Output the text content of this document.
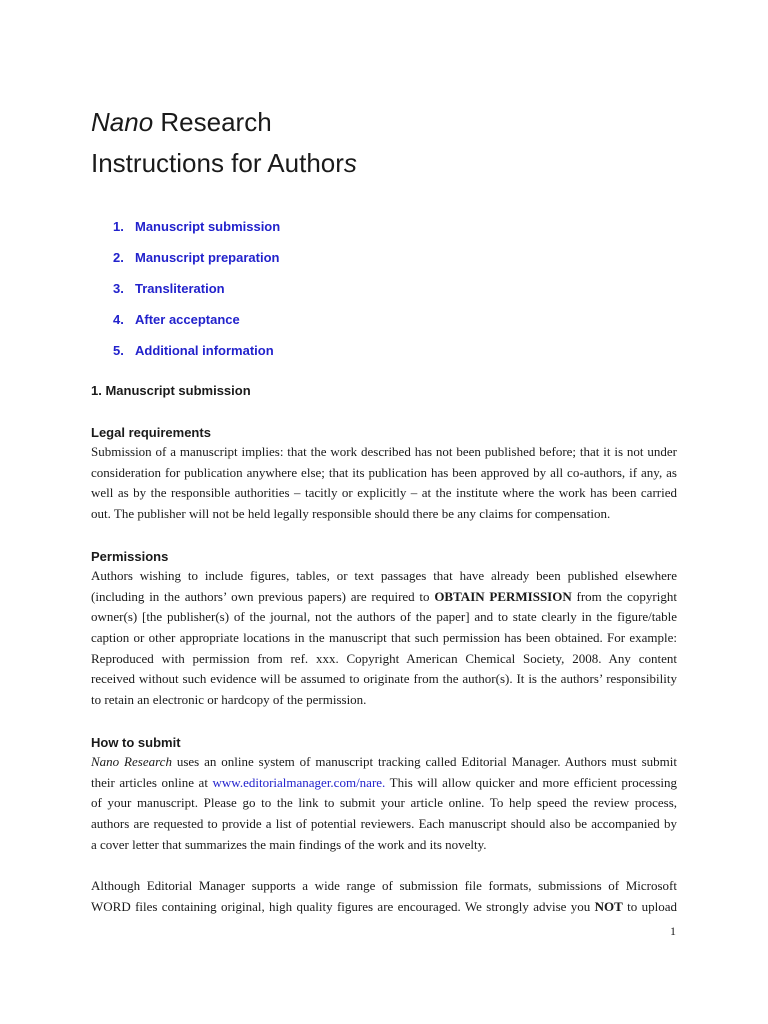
Nano Research
Instructions for Authors
1. Manuscript submission
2. Manuscript preparation
3. Transliteration
4. After acceptance
5. Additional information
1. Manuscript submission
Legal requirements

Submission of a manuscript implies: that the work described has not been published before; that it is not under
consideration for publication anywhere else; that its publication has been approved by all co-authors, if any, as
well as by the responsible authorities – tacitly or explicitly – at the institute where the work has been carried
out. The publisher will not be held legally responsible should there be any claims for compensation.

Permissions

Authors wishing to include figures, tables, or text passages that have already been published elsewhere
(including in the authors’ own previous papers) are required to OBTAIN PERMISSION from the copyright
owner(s) [the publisher(s) of the journal, not the authors of the paper] and to state clearly in the figure/table
caption or other appropriate locations in the manuscript that such permission has been obtained. For example:
Reproduced with permission from ref. xxx. Copyright American Chemical Society, 2008. Any content
received without such evidence will be assumed to originate from the author(s). It is the authors’ responsibility
to retain an electronic or hardcopy of the permission.

How to submit

Nano Research uses an online system of manuscript tracking called Editorial Manager. Authors must submit
their articles online at www.editorialmanager.com/nare. This will allow quicker and more efficient processing
of your manuscript. Please go to the link to submit your article online. To help speed the review process,
authors are requested to provide a list of potential reviewers. Each manuscript should also be accompanied by
a cover letter that summarizes the main findings of the work and its novelty.

Although Editorial Manager supports a wide range of submission file formats, submissions of Microsoft
WORD files containing original, high quality figures are encouraged. We strongly advise you NOT to upload

1
